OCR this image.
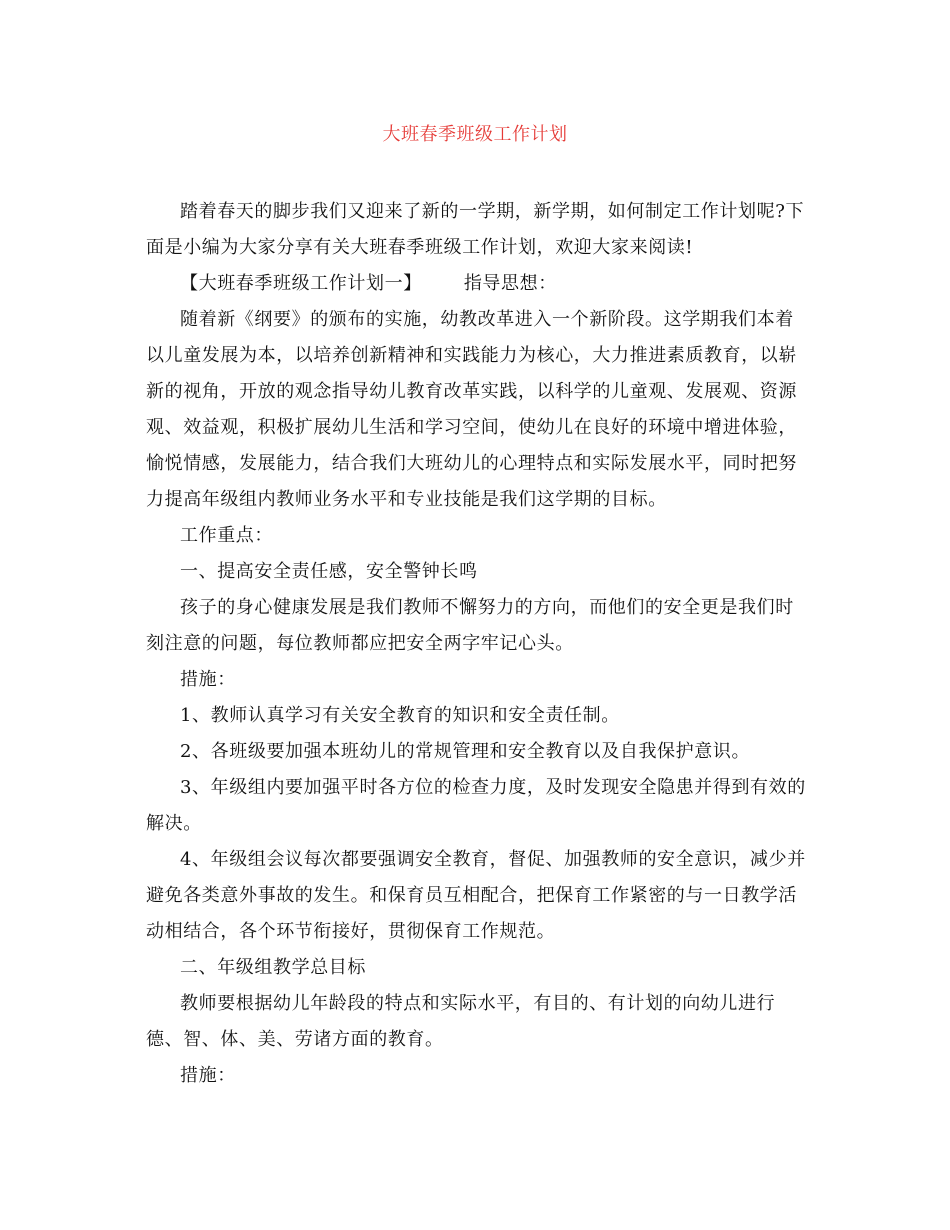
大班春季班级工作计划

踏着春天的脚步我们又迎来了新的一学期，新学期，如何制定工作计划呢?下面是小编为大家分享有关大班春季班级工作计划，欢迎大家来阅读!

【大班春季班级工作计划一】 指导思想：

随着新《纲要》的颁布的实施，幼教改革进入一个新阶段。这学期我们本着以儿童发展为本，以培养创新精神和实践能力为核心，大力推进素质教育，以崭新的视角，开放的观念指导幼儿教育改革实践，以科学的儿童观、发展观、资源观、效益观，积极扩展幼儿生活和学习空间，使幼儿在良好的环境中增进体验，愉悦情感，发展能力，结合我们大班幼儿的心理特点和实际发展水平，同时把努力提高年级组内教师业务水平和专业技能是我们这学期的目标。

工作重点：

一、提高安全责任感，安全警钟长鸣

孩子的身心健康发展是我们教师不懈努力的方向，而他们的安全更是我们时刻注意的问题，每位教师都应把安全两字牢记心头。

措施：

1、教师认真学习有关安全教育的知识和安全责任制。

2、各班级要加强本班幼儿的常规管理和安全教育以及自我保护意识。

3、年级组内要加强平时各方位的检查力度，及时发现安全隐患并得到有效的解决。

4、年级组会议每次都要强调安全教育，督促、加强教师的安全意识，减少并避免各类意外事故的发生。和保育员互相配合，把保育工作紧密的与一日教学活动相结合，各个环节衔接好，贯彻保育工作规范。

二、年级组教学总目标

教师要根据幼儿年龄段的特点和实际水平，有目的、有计划的向幼儿进行德、智、体、美、劳诸方面的教育。

措施：
